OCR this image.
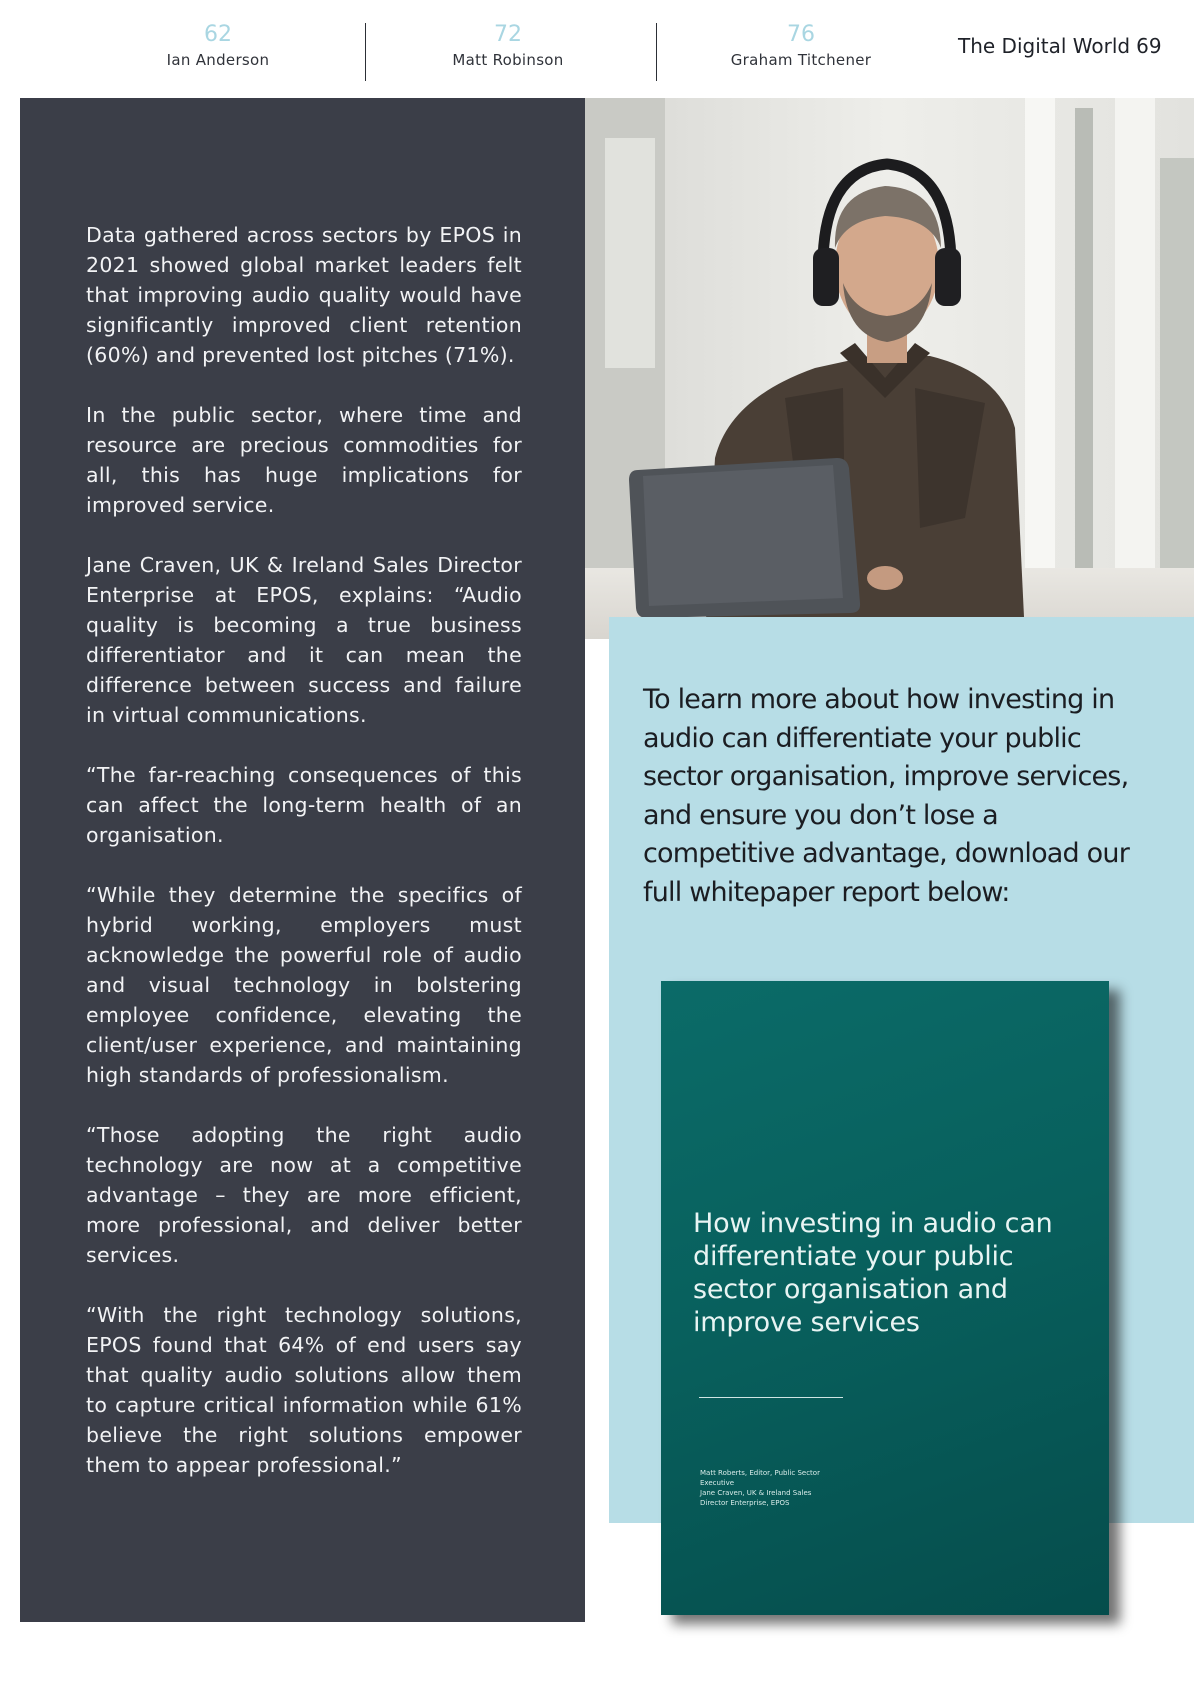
62
Ian Anderson
72
Matt Robinson
76
Graham Titchener
The Digital World 69

Data gathered across sectors by EPOS in 2021 showed global market leaders felt that improving audio quality would have significantly improved client retention (60%) and prevented lost pitches (71%).

In the public sector, where time and resource are precious commodities for all, this has huge implications for improved service.

Jane Craven, UK & Ireland Sales Director Enterprise at EPOS, explains: “Audio quality is becoming a true business differentiator and it can mean the difference between success and failure in virtual communications.

“The far-reaching consequences of this can affect the long-term health of an organisation.

“While they determine the specifics of hybrid working, employers must acknowledge the powerful role of audio and visual technology in bolstering employee confidence, elevating the client/user experience, and maintaining high standards of professionalism.

“Those adopting the right audio technology are now at a competitive advantage – they are more efficient, more professional, and deliver better services.

“With the right technology solutions, EPOS found that 64% of end users say that quality audio solutions allow them to capture critical information while 61% believe the right solutions empower them to appear professional.”

To learn more about how investing in audio can differentiate your public sector organisation, improve services, and ensure you don’t lose a competitive advantage, download our full whitepaper report below:

How investing in audio can differentiate your public sector organisation and improve services
Matt Roberts, Editor, Public Sector Executive
Jane Craven, UK & Ireland Sales Director Enterprise, EPOS
